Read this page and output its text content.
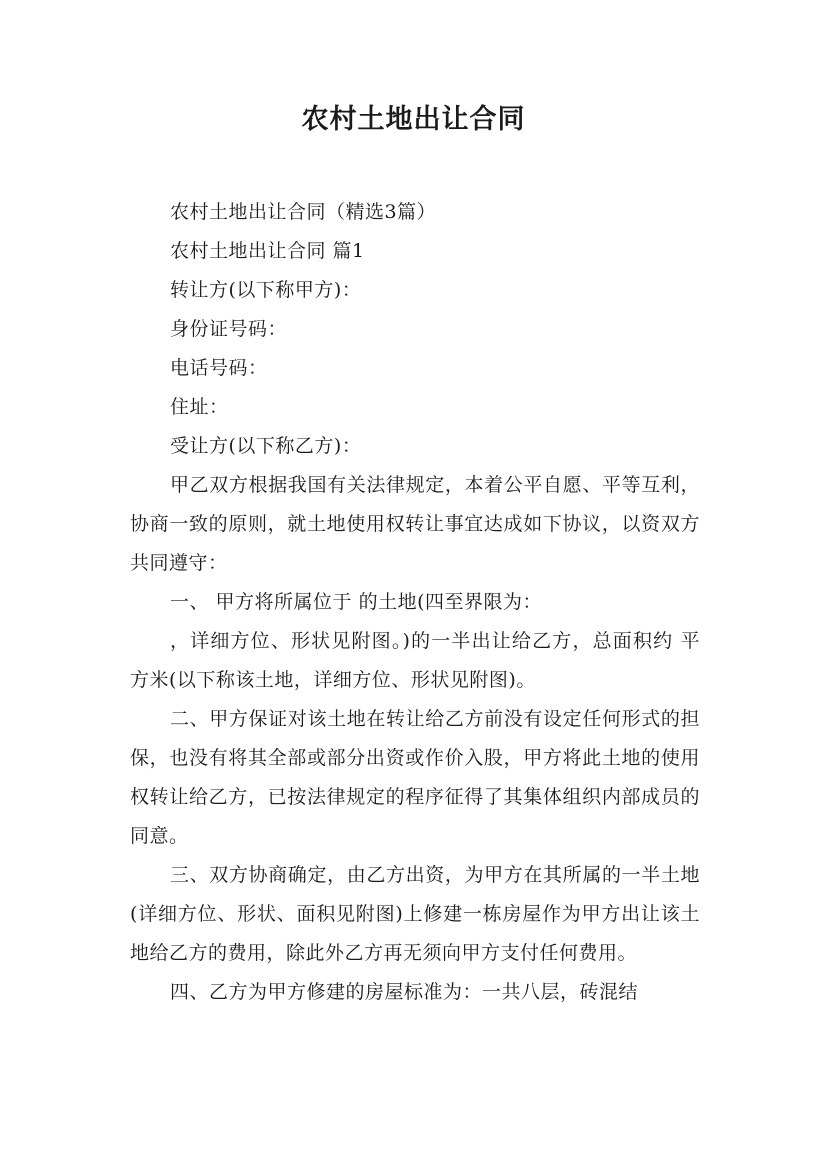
农村土地出让合同

农村土地出让合同（精选3篇）

农村土地出让合同 篇1

转让方(以下称甲方)：

身份证号码：

电话号码：

住址：

受让方(以下称乙方)：

甲乙双方根据我国有关法律规定，本着公平自愿、平等互利，协商一致的原则，就土地使用权转让事宜达成如下协议，以资双方共同遵守：

一、 甲方将所属位于 的土地(四至界限为：

，详细方位、形状见附图。)的一半出让给乙方，总面积约 平方米(以下称该土地，详细方位、形状见附图)。

二、甲方保证对该土地在转让给乙方前没有设定任何形式的担保，也没有将其全部或部分出资或作价入股，甲方将此土地的使用权转让给乙方，已按法律规定的程序征得了其集体组织内部成员的同意。

三、双方协商确定，由乙方出资，为甲方在其所属的一半土地(详细方位、形状、面积见附图)上修建一栋房屋作为甲方出让该土地给乙方的费用，除此外乙方再无须向甲方支付任何费用。

四、乙方为甲方修建的房屋标准为：一共八层，砖混结
